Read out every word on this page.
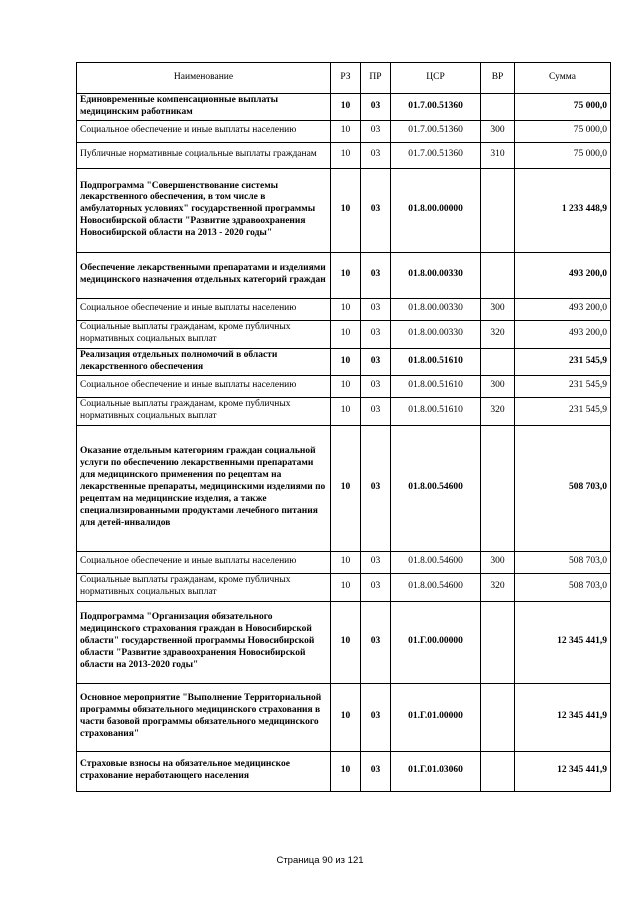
Наименование	РЗ	ПР	ЦСР	ВР	Сумма
Единовременные компенсационные выплаты медицинским работникам	10	03	01.7.00.51360		75 000,0
Социальное обеспечение и иные выплаты населению	10	03	01.7.00.51360	300	75 000,0
Публичные нормативные социальные выплаты гражданам	10	03	01.7.00.51360	310	75 000,0
Подпрограмма "Совершенствование системы лекарственного обеспечения, в том числе в амбулаторных условиях" государственной программы Новосибирской области "Развитие здравоохранения Новосибирской области на 2013 - 2020 годы"	10	03	01.8.00.00000		1 233 448,9
Обеспечение лекарственными препаратами и изделиями медицинского назначения отдельных категорий граждан	10	03	01.8.00.00330		493 200,0
Социальное обеспечение и иные выплаты населению	10	03	01.8.00.00330	300	493 200,0
Социальные выплаты гражданам, кроме публичных нормативных социальных выплат	10	03	01.8.00.00330	320	493 200,0
Реализация отдельных полномочий в области лекарственного обеспечения	10	03	01.8.00.51610		231 545,9
Социальное обеспечение и иные выплаты населению	10	03	01.8.00.51610	300	231 545,9
Социальные выплаты гражданам, кроме публичных нормативных социальных выплат	10	03	01.8.00.51610	320	231 545,9
Оказание отдельным категориям граждан социальной услуги по обеспечению лекарственными препаратами для медицинского применения по рецептам на лекарственные препараты, медицинскими изделиями по рецептам на медицинские изделия, а также специализированными продуктами лечебного питания для детей-инвалидов	10	03	01.8.00.54600		508 703,0
Социальное обеспечение и иные выплаты населению	10	03	01.8.00.54600	300	508 703,0
Социальные выплаты гражданам, кроме публичных нормативных социальных выплат	10	03	01.8.00.54600	320	508 703,0
Подпрограмма "Организация обязательного медицинского страхования граждан в Новосибирской области" государственной программы Новосибирской области "Развитие здравоохранения Новосибирской области на 2013-2020 годы"	10	03	01.Г.00.00000		12 345 441,9
Основное мероприятие "Выполнение Территориальной программы обязательного медицинского страхования в части базовой программы обязательного медицинского страхования"	10	03	01.Г.01.00000		12 345 441,9
Страховые взносы на обязательное медицинское страхование неработающего населения	10	03	01.Г.01.03060		12 345 441,9
Страница 90 из 121
